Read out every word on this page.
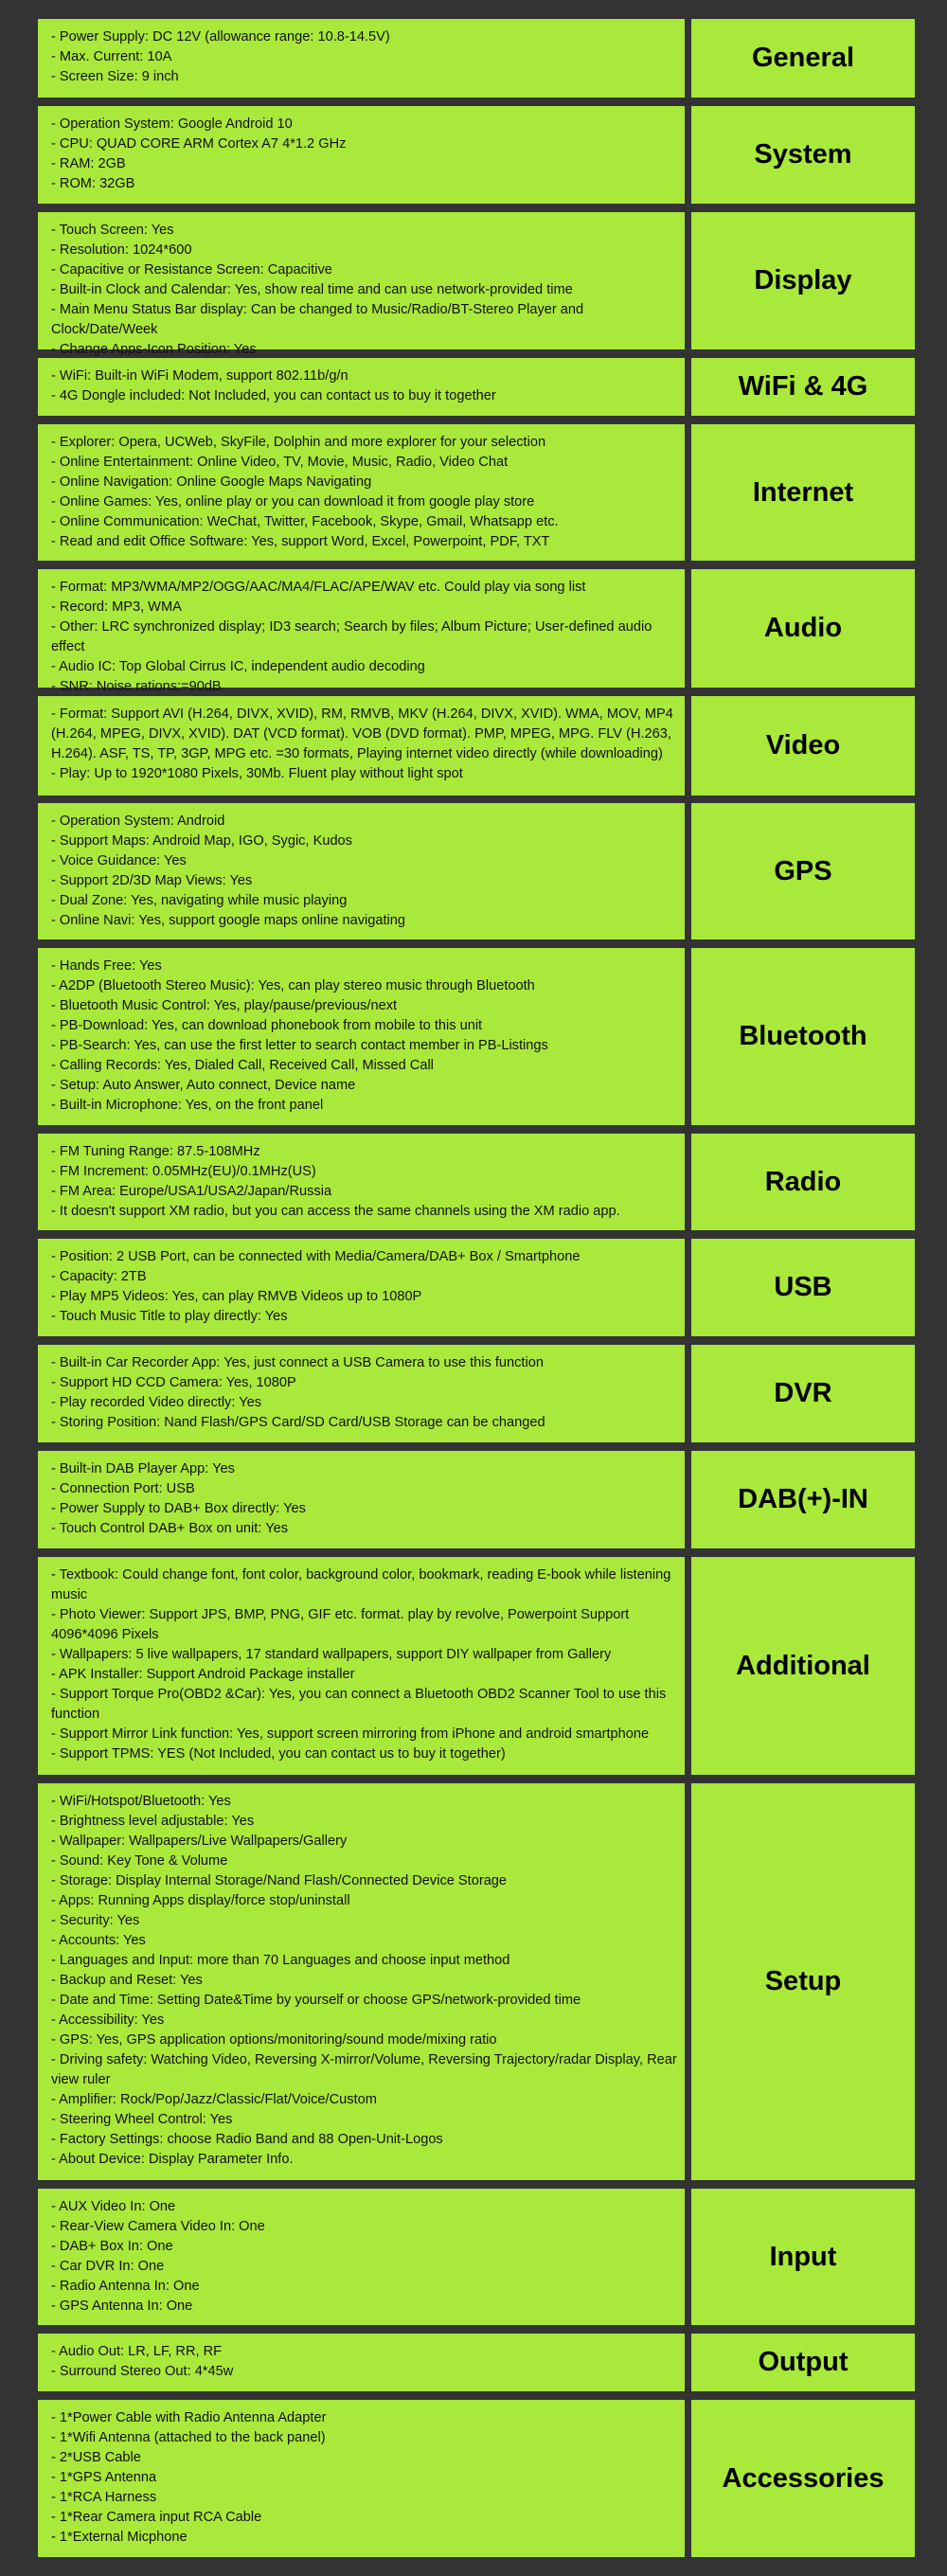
- Power Supply: DC 12V (allowance range: 10.8-14.5V)
- Max. Current: 10A
- Screen Size: 9 inch
General
- Operation System: Google Android 10
- CPU: QUAD CORE ARM Cortex A7 4*1.2 GHz
- RAM: 2GB
- ROM: 32GB
System
- Touch Screen: Yes
- Resolution: 1024*600
- Capacitive or Resistance Screen: Capacitive
- Built-in Clock and Calendar: Yes, show real time and can use network-provided time
- Main Menu Status Bar display: Can be changed to Music/Radio/BT-Stereo Player and Clock/Date/Week
- Change Apps-Icon Position: Yes
Display
- WiFi: Built-in WiFi Modem, support 802.11b/g/n
- 4G Dongle included: Not Included, you can contact us to buy it together	WiFi & 4G
- Explorer: Opera, UCWeb, SkyFile, Dolphin and more explorer for your selection
- Online Entertainment: Online Video, TV, Movie, Music, Radio, Video Chat
- Online Navigation: Online Google Maps Navigating
- Online Games: Yes, online play or you can download it from google play store
- Online Communication: WeChat, Twitter, Facebook, Skype, Gmail, Whatsapp etc.
- Read and edit Office Software: Yes, support Word, Excel, Powerpoint, PDF, TXT
Internet
- Format: MP3/WMA/MP2/OGG/AAC/MA4/FLAC/APE/WAV etc. Could play via song list
- Record: MP3, WMA
- Other: LRC synchronized display; ID3 search; Search by files; Album Picture; User-defined audio effect
- Audio IC: Top Global Cirrus IC, independent audio decoding
- SNR: Noise rations:=90dB
Audio
- Format: Support AVI (H.264, DIVX, XVID), RM, RMVB, MKV (H.264, DIVX, XVID). WMA, MOV, MP4 (H.264, MPEG, DIVX, XVID). DAT (VCD format). VOB (DVD format). PMP, MPEG, MPG. FLV (H.263, H.264). ASF, TS, TP, 3GP, MPG etc. =30 formats, Playing internet video directly (while downloading)
- Play: Up to 1920*1080 Pixels, 30Mb. Fluent play without light spot
Video
- Operation System: Android
- Support Maps: Android Map, IGO, Sygic, Kudos
- Voice Guidance: Yes
- Support 2D/3D Map Views: Yes
- Dual Zone: Yes, navigating while music playing
- Online Navi: Yes, support google maps online navigating
GPS
- Hands Free: Yes
- A2DP (Bluetooth Stereo Music): Yes, can play stereo music through Bluetooth
- Bluetooth Music Control: Yes, play/pause/previous/next
- PB-Download: Yes, can download phonebook from mobile to this unit
- PB-Search: Yes, can use the first letter to search contact member in PB-Listings
- Calling Records: Yes, Dialed Call, Received Call, Missed Call
- Setup: Auto Answer, Auto connect, Device name
- Built-in Microphone: Yes, on the front panel
Bluetooth
- FM Tuning Range: 87.5-108MHz
- FM Increment: 0.05MHz(EU)/0.1MHz(US)
- FM Area: Europe/USA1/USA2/Japan/Russia
- It doesn't support XM radio, but you can access the same channels using the XM radio app.
Radio
- Position: 2 USB Port, can be connected with Media/Camera/DAB+ Box / Smartphone
- Capacity: 2TB
- Play MP5 Videos: Yes, can play RMVB Videos up to 1080P
- Touch Music Title to play directly: Yes
USB
- Built-in Car Recorder App: Yes, just connect a USB Camera to use this function
- Support HD CCD Camera: Yes, 1080P
- Play recorded Video directly: Yes
- Storing Position: Nand Flash/GPS Card/SD Card/USB Storage can be changed
DVR
- Built-in DAB Player App: Yes
- Connection Port: USB
- Power Supply to DAB+ Box directly: Yes
- Touch Control DAB+ Box on unit: Yes
DAB(+)-IN
- Textbook: Could change font, font color, background color, bookmark, reading E-book while listening music
- Photo Viewer: Support JPS, BMP, PNG, GIF etc. format. play by revolve, Powerpoint Support 4096*4096 Pixels
- Wallpapers: 5 live wallpapers, 17 standard wallpapers, support DIY wallpaper from Gallery
- APK Installer: Support Android Package installer
- Support Torque Pro(OBD2 &Car): Yes, you can connect a Bluetooth OBD2 Scanner Tool to use this function
- Support Mirror Link function: Yes, support screen mirroring from iPhone and android smartphone
- Support TPMS: YES (Not Included, you can contact us to buy it together)
Additional
- WiFi/Hotspot/Bluetooth: Yes
- Brightness level adjustable: Yes
- Wallpaper: Wallpapers/Live Wallpapers/Gallery
- Sound: Key Tone & Volume
- Storage: Display Internal Storage/Nand Flash/Connected Device Storage
- Apps: Running Apps display/force stop/uninstall
- Security: Yes
- Accounts: Yes
- Languages and Input: more than 70 Languages and choose input method
- Backup and Reset: Yes
- Date and Time: Setting Date&Time by yourself or choose GPS/network-provided time
- Accessibility: Yes
- GPS: Yes, GPS application options/monitoring/sound mode/mixing ratio
- Driving safety: Watching Video, Reversing X-mirror/Volume, Reversing Trajectory/radar Display, Rear view ruler
- Amplifier: Rock/Pop/Jazz/Classic/Flat/Voice/Custom
- Steering Wheel Control: Yes
- Factory Settings: choose Radio Band and 88 Open-Unit-Logos
- About Device: Display Parameter Info.
Setup
- AUX Video In: One
- Rear-View Camera Video In: One
- DAB+ Box In: One
- Car DVR In: One
- Radio Antenna In: One
- GPS Antenna In: One
Input
- Audio Out: LR, LF, RR, RF
- Surround Stereo Out: 4*45w	Output
- 1*Power Cable with Radio Antenna Adapter
- 1*Wifi Antenna (attached to the back panel)
- 2*USB Cable
- 1*GPS Antenna
- 1*RCA Harness
- 1*Rear Camera input RCA Cable
- 1*External Micphone
Accessories
